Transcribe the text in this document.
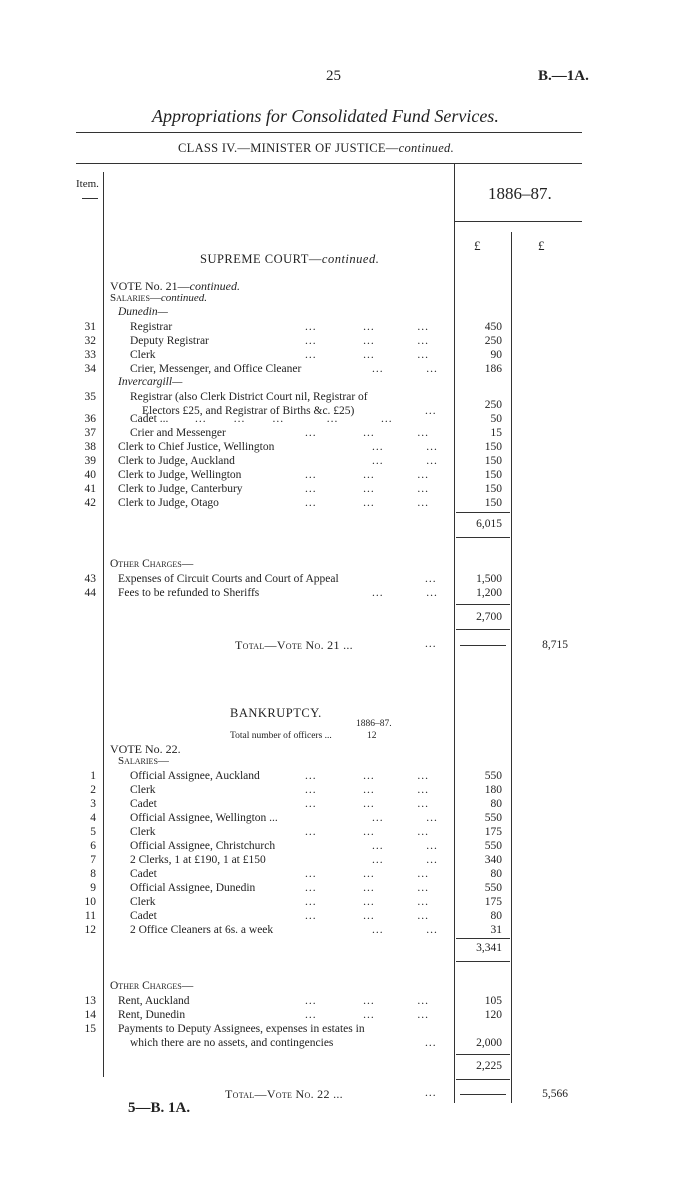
25	B.—1A.
Appropriations for Consolidated Fund Services.
CLASS IV.—MINISTER OF JUSTICE—continued.
Item.	1886–87.
£	£
SUPREME COURT—continued.
VOTE No. 21—continued.
Salaries—continued.
Dunedin—
31	Registrar	...            ...           ...	450
32	Deputy Registrar	...            ...           ...	250
33	Clerk	...            ...           ...	90
34	Crier, Messenger, and Office Cleaner	...           ...	186
Invercargill—
35	Registrar (also Clerk District Court nil, Registrar of
Electors £25, and Registrar of Births &c. £25)	...	250
36	Cadet ... ...       ...       ...           ...           ...	50
37	Crier and Messenger	...            ...           ...	15
38 Clerk to Chief Justice, Wellington	...           ...	150
39 Clerk to Judge, Auckland	...           ...	150
40 Clerk to Judge, Wellington	...            ...           ...	150
41 Clerk to Judge, Canterbury	...            ...           ...	150
42 Clerk to Judge, Otago	...            ...           ...	150
6,015
Other Charges—
43 Expenses of Circuit Courts and Court of Appeal	...	1,500
44 Fees to be refunded to Sheriffs	...           ...	1,200
2,700
Total—Vote No. 21 ...	...	8,715
BANKRUPTCY.
1886–87.
Total number of officers ...	12
VOTE No. 22.
Salaries—
1	Official Assignee, Auckland	...            ...           ...	550
2	Clerk	...            ...           ...	180
3	Cadet	...            ...           ...	80
4	Official Assignee, Wellington ...	...           ...	550
5	Clerk	...            ...           ...	175
6	Official Assignee, Christchurch	...           ...	550
7	2 Clerks, 1 at £190, 1 at £150	...           ...	340
8	Cadet	...            ...           ...	80
9	Official Assignee, Dunedin	...            ...           ...	550
10	Clerk	...            ...           ...	175
11	Cadet	...            ...           ...	80
12	2 Office Cleaners at 6s. a week	...           ...	31
3,341
Other Charges—
13 Rent, Auckland	...            ...           ...	105
14 Rent, Dunedin	...            ...           ...	120
15 Payments to Deputy Assignees, expenses in estates in
which there are no assets, and contingencies	...	2,000
2,225
Total—Vote No. 22 ...	...	5,566
5—B. 1A.
